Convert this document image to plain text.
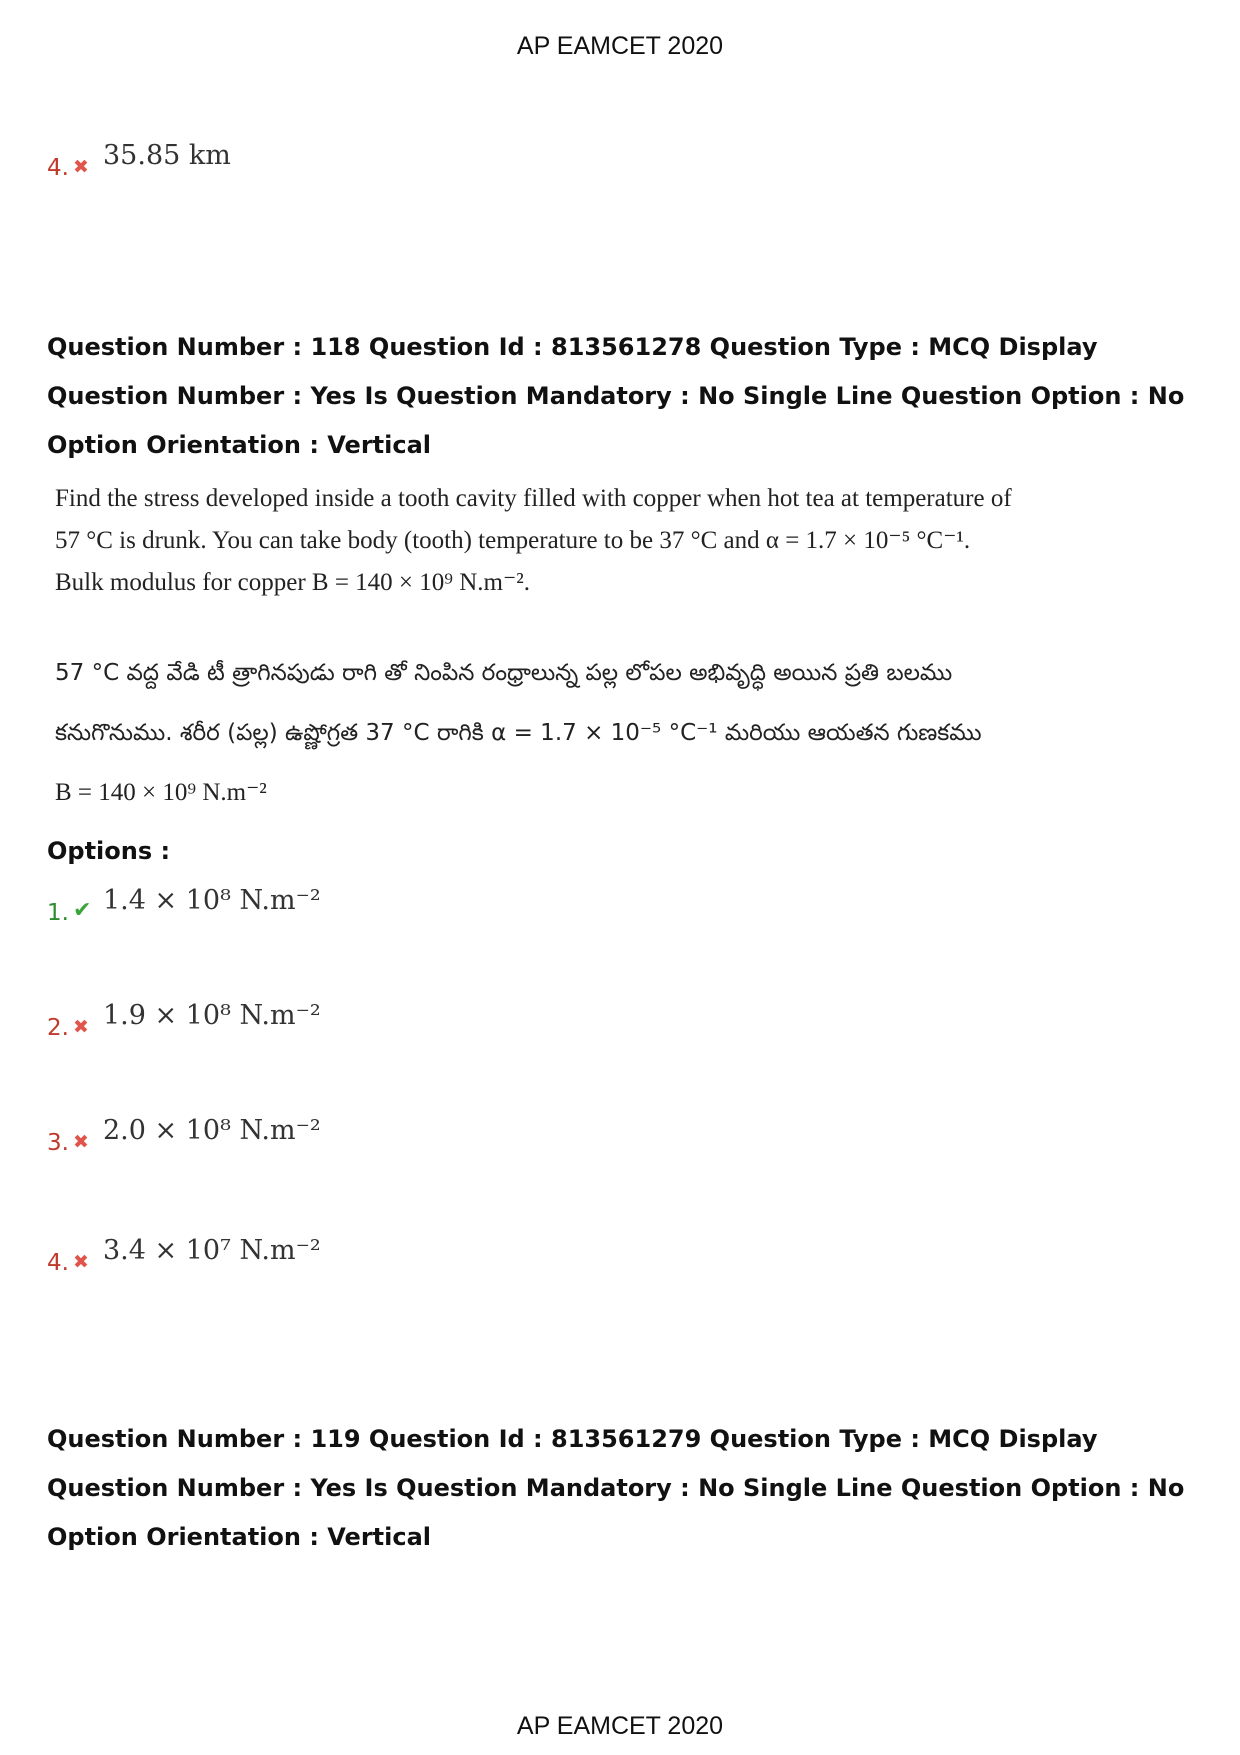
AP EAMCET 2020
4. ✖ 35.85 km
Question Number : 118 Question Id : 813561278 Question Type : MCQ Display Question Number : Yes Is Question Mandatory : No Single Line Question Option : No Option Orientation : Vertical

Find the stress developed inside a tooth cavity filled with copper when hot tea at temperature of

57 °C is drunk. You can take body (tooth) temperature to be 37 °C and α = 1.7 × 10⁻⁵ °C⁻¹.

Bulk modulus for copper B = 140 × 10⁹ N.m⁻².

57 °C వద్ద వేడి టీ త్రాగినపుడు రాగి తో నింపిన రంధ్రాలున్న పల్ల లోపల అభివృద్ధి అయిన ప్రతి బలము

కనుగొనుము. శరీర (పల్ల) ఉష్ణోగ్రత 37 °C రాగికి α = 1.7 × 10⁻⁵ °C⁻¹ మరియు ఆయతన గుణకము

B = 140 × 10⁹ N.m⁻²

Options :
1. ✔ 1.4 × 10⁸ N.m⁻²
2. ✖ 1.9 × 10⁸ N.m⁻²
3. ✖ 2.0 × 10⁸ N.m⁻²
4. ✖ 3.4 × 10⁷ N.m⁻²
Question Number : 119 Question Id : 813561279 Question Type : MCQ Display Question Number : Yes Is Question Mandatory : No Single Line Question Option : No Option Orientation : Vertical
AP EAMCET 2020
